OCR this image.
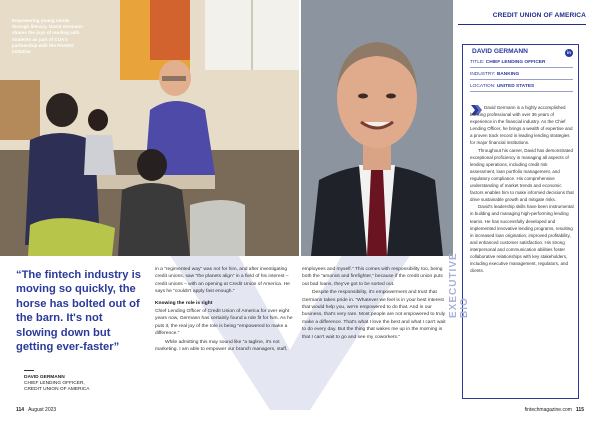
Empowering young minds through literacy. David Germann shares the joys of reading with students as part of CUA's partnership with the PAHOO initiative
“The fintech industry is moving so quickly, the horse has bolted out of the barn. It's not slowing down but getting ever-faster”
DAVID GERMANN
CHIEF LENDING OFFICER,
CREDIT UNION OF AMERICA

in a “regimented way” was not for him, and after investigating credit unions, saw “the planets align” in a field of his interest – credit unions – with an opening at Credit Union of America. He says he “couldn't apply fast enough.”

Knowing the role is right

Chief Lending Officer of Credit Union of America for over eight years now, Germann has certainly found a role fit for him. As he puts it, the real joy of the role is being “empowered to make a difference.”

While admitting this may sound like “a tagline, it's not marketing. I am able to empower our branch managers, staff,

employees and myself.” This comes with responsibility too, being both the “arsonist and firefighter,” because if the credit union puts out bad loans, they've got to be sorted out.

Despite the responsibility, it's empowerment and trust that Germann takes pride in. “Whatever we feel is in your best interest that would help you, we're empowered to do that. And in our business, that's very rare. Most people are not empowered to truly make a difference. That's what I love the best and what I can't wait to do every day. But the thing that wakes me up in the morning is that I can't wait to go and see my coworkers.”

114 August 2023	fintechmagazine.com 115
CREDIT UNION OF AMERICA
DAVID GERMANN	in
TITLE: CHIEF LENDING OFFICER
INDUSTRY: BANKING
LOCATION: UNITED STATES

David Germann is a highly accomplished banking professional with over 36 years of experience in the financial industry. As the Chief Lending Officer, he brings a wealth of expertise and a proven track record in leading lending strategies for major financial institutions.

Throughout his career, David has demonstrated exceptional proficiency in managing all aspects of lending operations, including credit risk assessment, loan portfolio management, and regulatory compliance. His comprehensive understanding of market trends and economic factors enables him to make informed decisions that drive sustainable growth and mitigate risks.

David's leadership skills have been instrumental in building and managing high-performing lending teams. He has successfully developed and implemented innovative lending programs, resulting in increased loan origination, improved profitability, and enhanced customer satisfaction. His strong interpersonal and communication abilities foster collaborative relationships with key stakeholders, including executive management, regulators, and clients.

EXECUTIVE BIO
